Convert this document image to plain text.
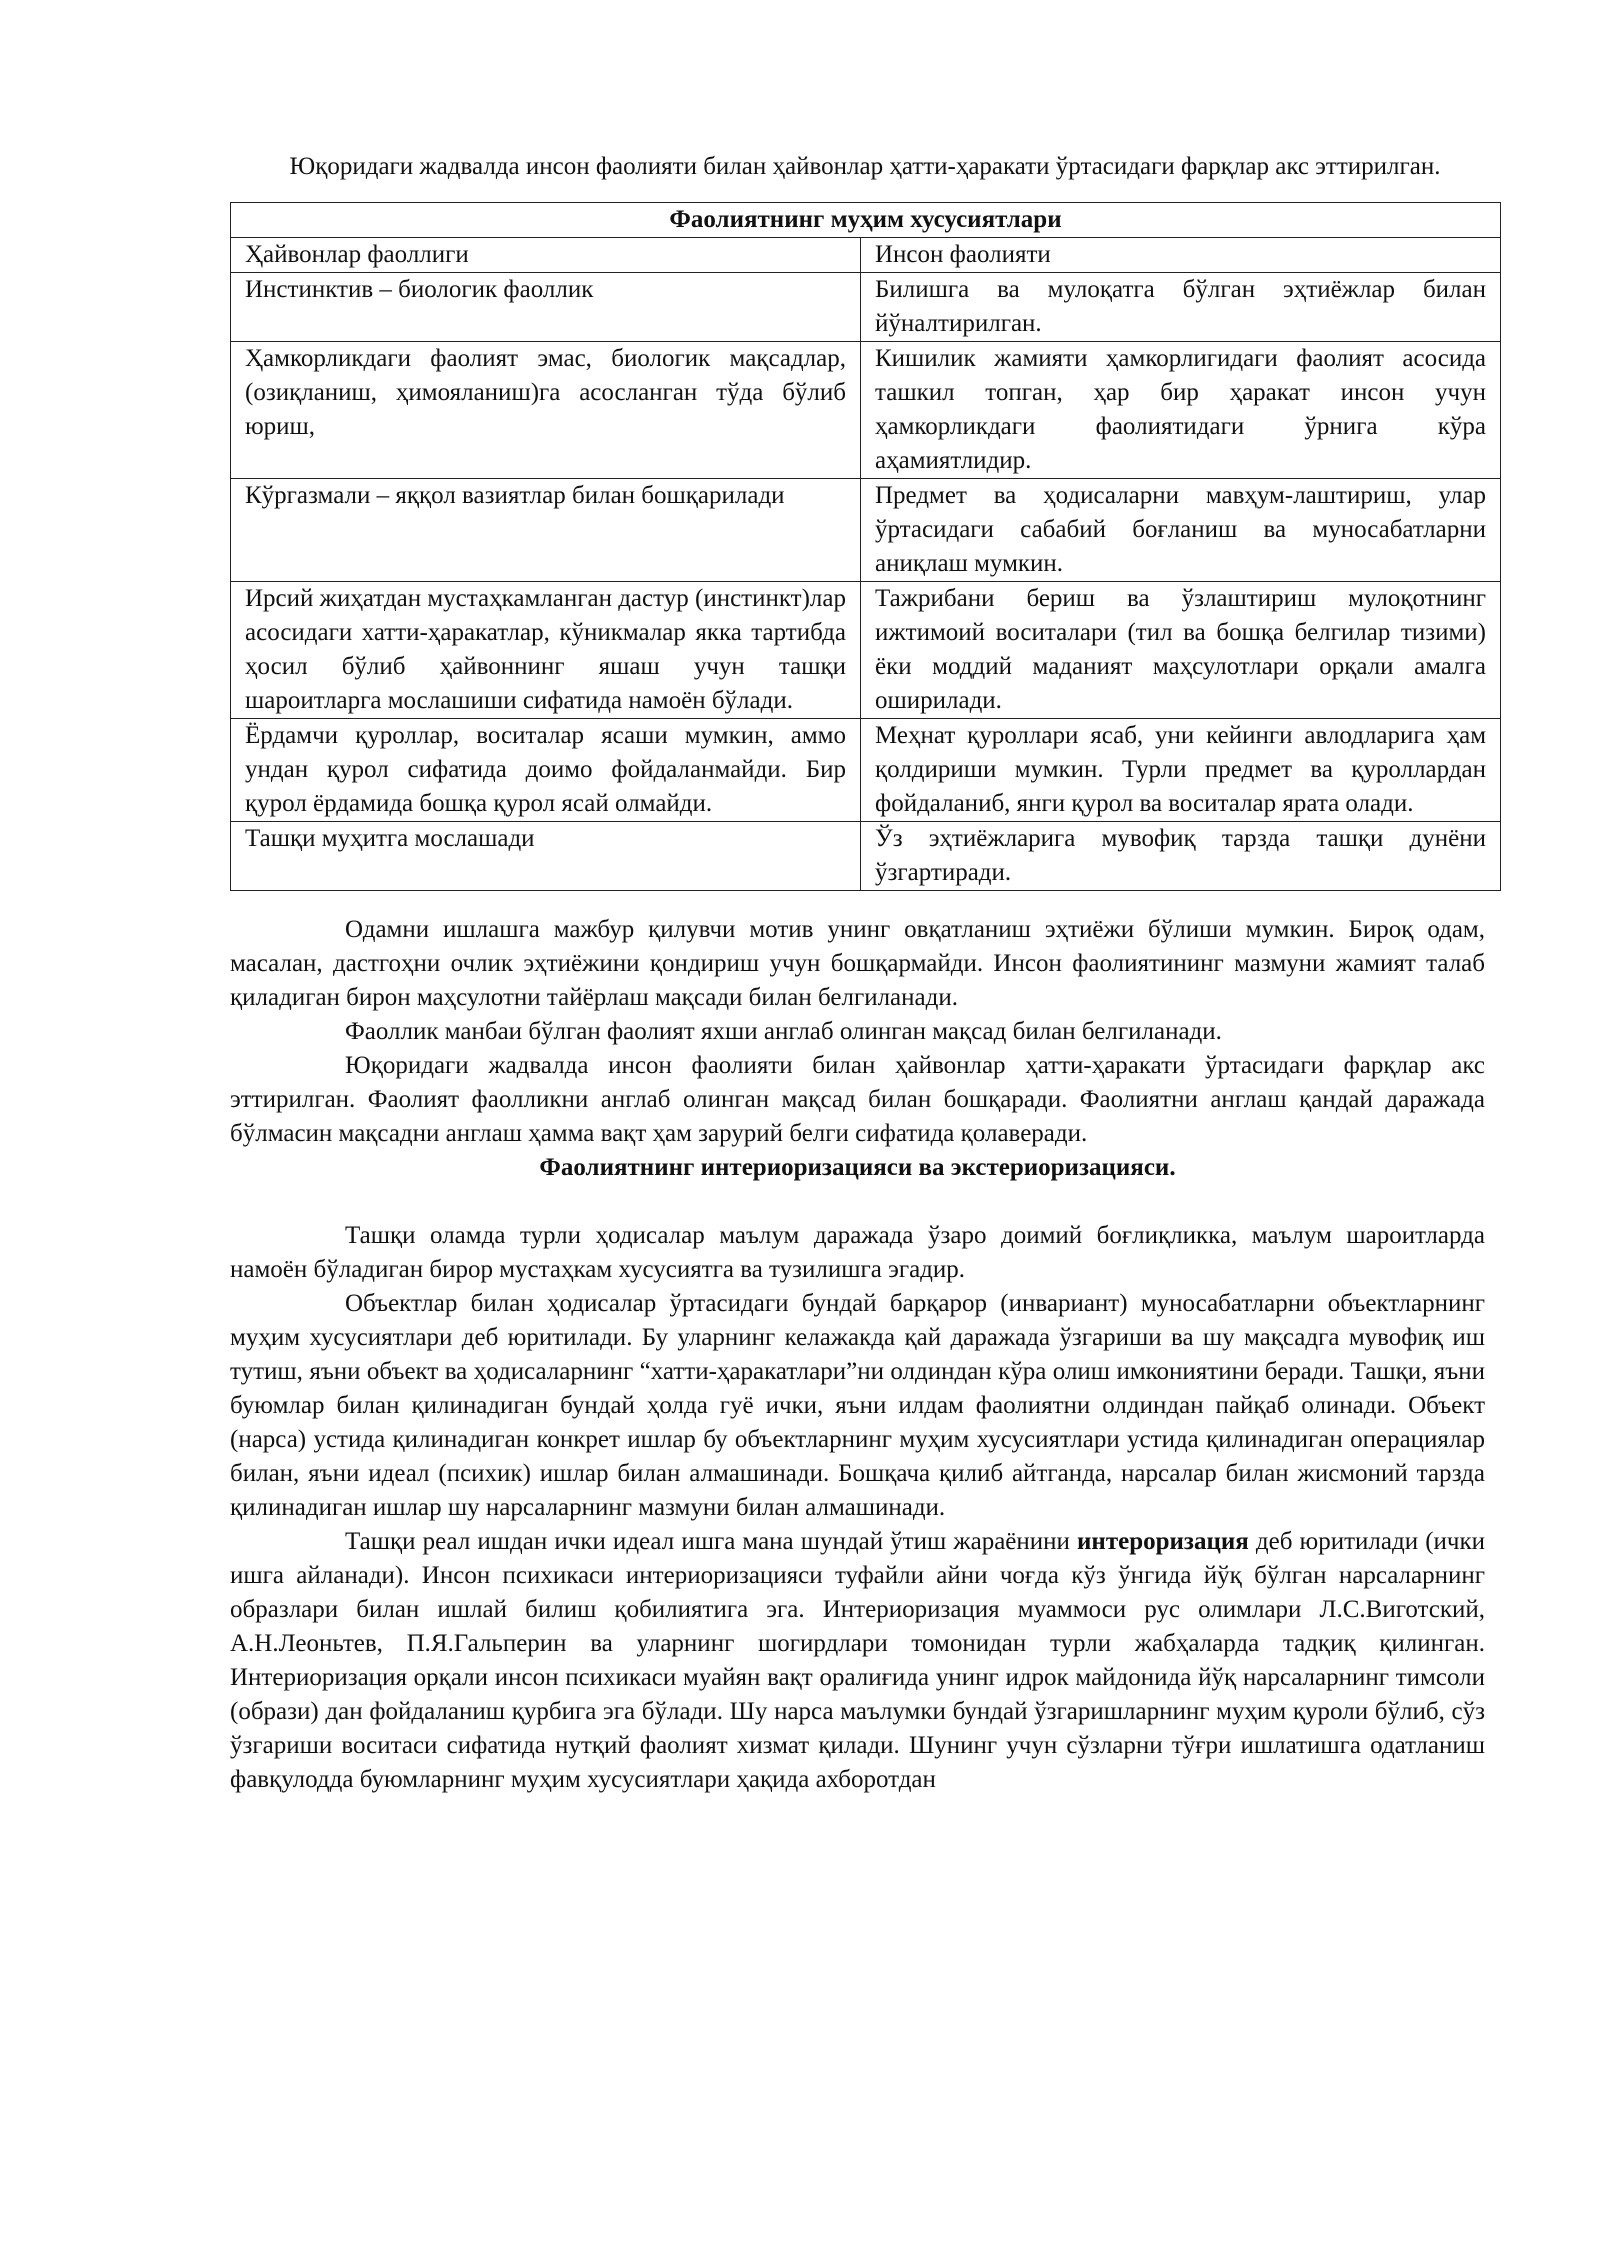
Юқоридаги жадвалда инсон фаолияти билан ҳайвонлар ҳатти-ҳаракати ўртасидаги фарқлар акс эттирилган.

Фаолиятнинг муҳим хусусиятлари	
Ҳайвонлар фаоллиги	Инсон фаолияти
Инстинктив – биологик фаоллик	Билишга ва мулоқатга бўлган эҳтиёжлар билан йўналтирилган.
Ҳамкорликдаги фаолият эмас, биологик мақсадлар, (озиқланиш, ҳимояланиш)га асосланган тўда бўлиб юриш,	Кишилик жамияти ҳамкорлигидаги фаолият асосида ташкил топган, ҳар бир ҳаракат инсон учун ҳамкорликдаги фаолиятидаги ўрнига кўра аҳамиятлидир.
Кўргазмали – яққол вазиятлар билан бошқарилади	Предмет ва ҳодисаларни мавҳум-лаштириш, улар ўртасидаги сабабий боғланиш ва муносабатларни аниқлаш мумкин.
Ирсий жиҳатдан мустаҳкамланган дастур (инстинкт)лар асосидаги хатти-ҳаракатлар, кўникмалар якка тартибда ҳосил бўлиб ҳайвоннинг яшаш учун ташқи шароитларга мослашиши сифатида намоён бўлади.	Тажрибани бериш ва ўзлаштириш мулоқотнинг ижтимоий воситалари (тил ва бошқа белгилар тизими) ёки моддий маданият маҳсулотлари орқали амалга оширилади.
Ёрдамчи қуроллар, воситалар ясаши мумкин, аммо ундан қурол сифатида доимо фойдаланмайди. Бир қурол ёрдамида бошқа қурол ясай олмайди.	Меҳнат қуроллари ясаб, уни кейинги авлодларига ҳам қолдириши мумкин. Турли предмет ва қуроллардан фойдаланиб, янги қурол ва воситалар ярата олади.
Ташқи муҳитга мослашади	Ўз эҳтиёжларига мувофиқ тарзда ташқи дунёни ўзгартиради.

Одамни ишлашга мажбур қилувчи мотив унинг овқатланиш эҳтиёжи бўлиши мумкин. Бироқ одам, масалан, дастгоҳни очлик эҳтиёжини қондириш учун бошқармайди. Инсон фаолиятининг мазмуни жамият талаб қиладиган бирон маҳсулотни тайёрлаш мақсади билан белгиланади.

Фаоллик манбаи бўлган фаолият яхши англаб олинган мақсад билан белгиланади.

Юқоридаги жадвалда инсон фаолияти билан ҳайвонлар ҳатти-ҳаракати ўртасидаги фарқлар акс эттирилган. Фаолият фаолликни англаб олинган мақсад билан бошқаради. Фаолиятни англаш қандай даражада бўлмасин мақсадни англаш ҳамма вақт ҳам зарурий белги сифатида қолаверади.

Фаолиятнинг интериоризацияси ва экстериоризацияси.

Ташқи оламда турли ҳодисалар маълум даражада ўзаро доимий боғлиқликка, маълум шароитларда намоён бўладиган бирор мустаҳкам хусусиятга ва тузилишга эгадир.

Объектлар билан ҳодисалар ўртасидаги бундай барқарор (инвариант) муносабатларни объектларнинг муҳим хусусиятлари деб юритилади. Бу уларнинг келажакда қай даражада ўзгариши ва шу мақсадга мувофиқ иш тутиш, яъни объект ва ҳодисаларнинг “хатти-ҳаракатлари”ни олдиндан кўра олиш имкониятини беради. Ташқи, яъни буюмлар билан қилинадиган бундай ҳолда гуё ички, яъни илдам фаолиятни олдиндан пайқаб олинади. Объект (нарса) устида қилинадиган конкрет ишлар бу объектларнинг муҳим хусусиятлари устида қилинадиган операциялар билан, яъни идеал (психик) ишлар билан алмашинади. Бошқача қилиб айтганда, нарсалар билан жисмоний тарзда қилинадиган ишлар шу нарсаларнинг мазмуни билан алмашинади.

Ташқи реал ишдан ички идеал ишга мана шундай ўтиш жараёнини интероризация деб юритилади (ички ишга айланади). Инсон психикаси интериоризацияси туфайли айни чоғда кўз ўнгида йўқ бўлган нарсаларнинг образлари билан ишлай билиш қобилиятига эга. Интериоризация муаммоси рус олимлари Л.С.Виготский, А.Н.Леоньтев, П.Я.Гальперин ва уларнинг шогирдлари томонидан турли жабҳаларда тадқиқ қилинган. Интериоризация орқали инсон психикаси муайян вақт оралиғида унинг идрок майдонида йўқ нарсаларнинг тимсоли (образи) дан фойдаланиш қурбига эга бўлади. Шу нарса маълумки бундай ўзгаришларнинг муҳим қуроли бўлиб, сўз ўзгариши воситаси сифатида нутқий фаолият хизмат қилади. Шунинг учун сўзларни тўғри ишлатишга одатланиш фавқулодда буюмларнинг муҳим хусусиятлари ҳақида ахборотдан
